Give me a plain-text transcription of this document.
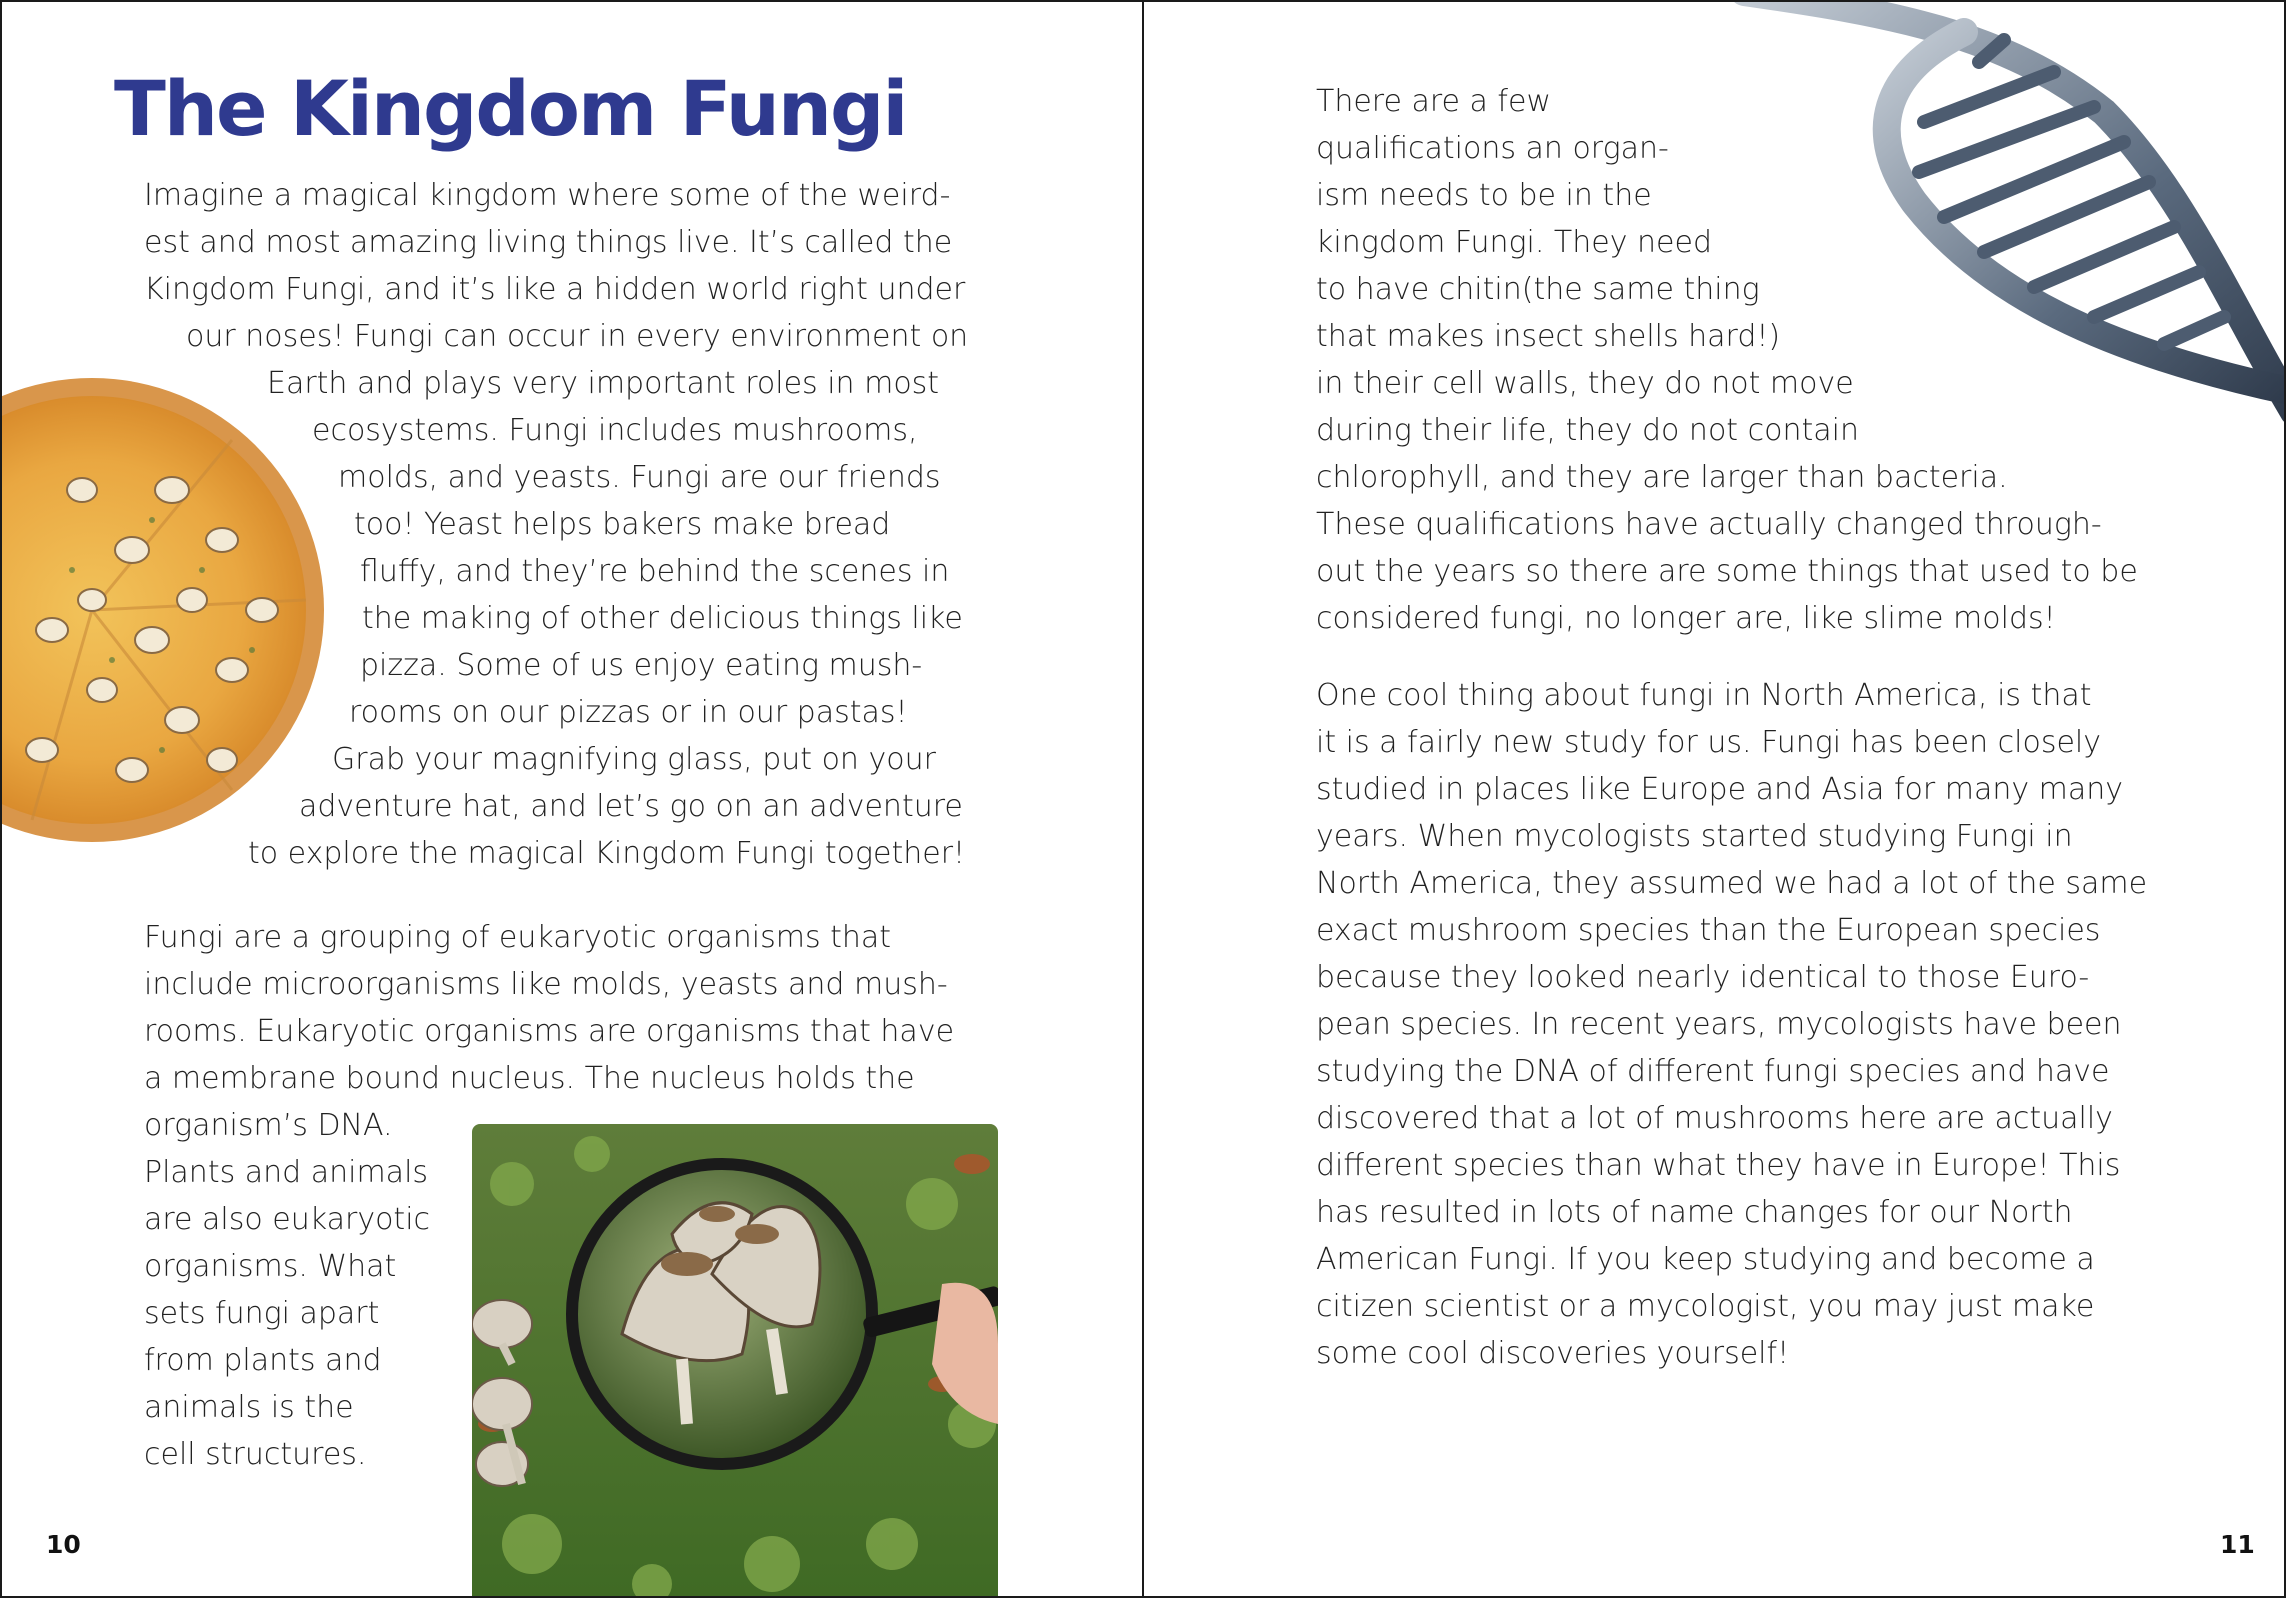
The Kingdom Fungi
Imagine a magical kingdom where some of the weird-
est and most amazing living things live. It’s called the
Kingdom Fungi, and it’s like a hidden world right under
our noses! Fungi can occur in every environment on
Earth and plays very important roles in most
ecosystems. Fungi includes mushrooms,
molds, and yeasts. Fungi are our friends
too! Yeast helps bakers make bread
fluffy, and they’re behind the scenes in
the making of other delicious things like
pizza. Some of us enjoy eating mush-
rooms on our pizzas or in our pastas!
Grab your magnifying glass, put on your
adventure hat, and let’s go on an adventure
to explore the magical Kingdom Fungi together!
Fungi are a grouping of eukaryotic organisms that
include microorganisms like molds, yeasts and mush-
rooms. Eukaryotic organisms are organisms that have
a membrane bound nucleus. The nucleus holds the
organism’s DNA.
Plants and animals
are also eukaryotic
organisms. What
sets fungi apart
from plants and
animals is the
cell structures.
10
There are a few
qualifications an organ-
ism needs to be in the
kingdom Fungi. They need
to have chitin(the same thing
that makes insect shells hard!)
in their cell walls, they do not move
during their life, they do not contain
chlorophyll, and they are larger than bacteria.
These qualifications have actually changed through-
out the years so there are some things that used to be
considered fungi, no longer are, like slime molds!
One cool thing about fungi in North America, is that
it is a fairly new study for us. Fungi has been closely
studied in places like Europe and Asia for many many
years. When mycologists started studying Fungi in
North America, they assumed we had a lot of the same
exact mushroom species than the European species
because they looked nearly identical to those Euro-
pean species. In recent years, mycologists have been
studying the DNA of different fungi species and have
discovered that a lot of mushrooms here are actually
different species than what they have in Europe! This
has resulted in lots of name changes for our North
American Fungi. If you keep studying and become a
citizen scientist or a mycologist, you may just make
some cool discoveries yourself!
11
